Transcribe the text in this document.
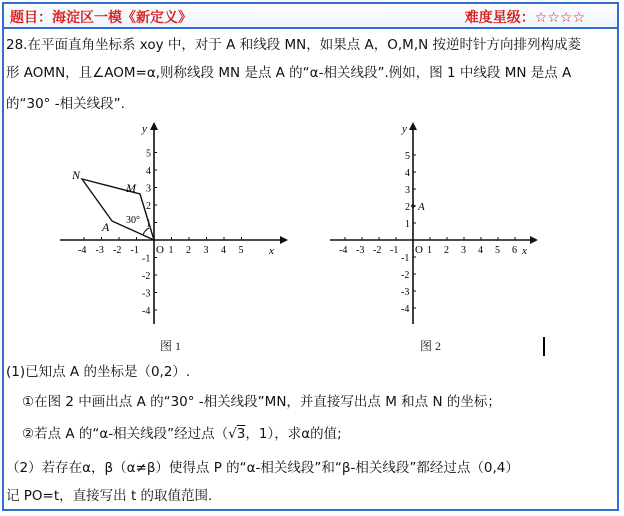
题目：海淀区一模《新定义》	难度星级：☆☆☆☆
28.在平面直角坐标系 xoy 中，对于 A 和线段 MN，如果点 A，O,M,N 按逆时针方向排列构成菱
形 AOMN，且∠AOM=α,则称线段 MN 是点 A 的“α-相关线段”.例如，图 1 中线段 MN 是点 A
的“30° -相关线段”.
x
y
O
-4 -3 -2 -1	1 2 3 4 5
1
2
3
4
5
-1
-2
-3
-4
N
M
A 30°
图 1
x
y
O
-4 -3 -2 -1	1 2 3 4 5 6
1
2
3
4
5
-1
-2
-3
-4
A
图 2
(1)已知点 A 的坐标是（0,2）.
①在图 2 中画出点 A 的“30° -相关线段”MN，并直接写出点 M 和点 N 的坐标；
②若点 A 的“α-相关线段”经过点（√3，1），求α的值;
（2）若存在α，β（α≠β）使得点 P 的“α-相关线段”和“β-相关线段”都经过点（0,4）
记 PO=t，直接写出 t 的取值范围.
